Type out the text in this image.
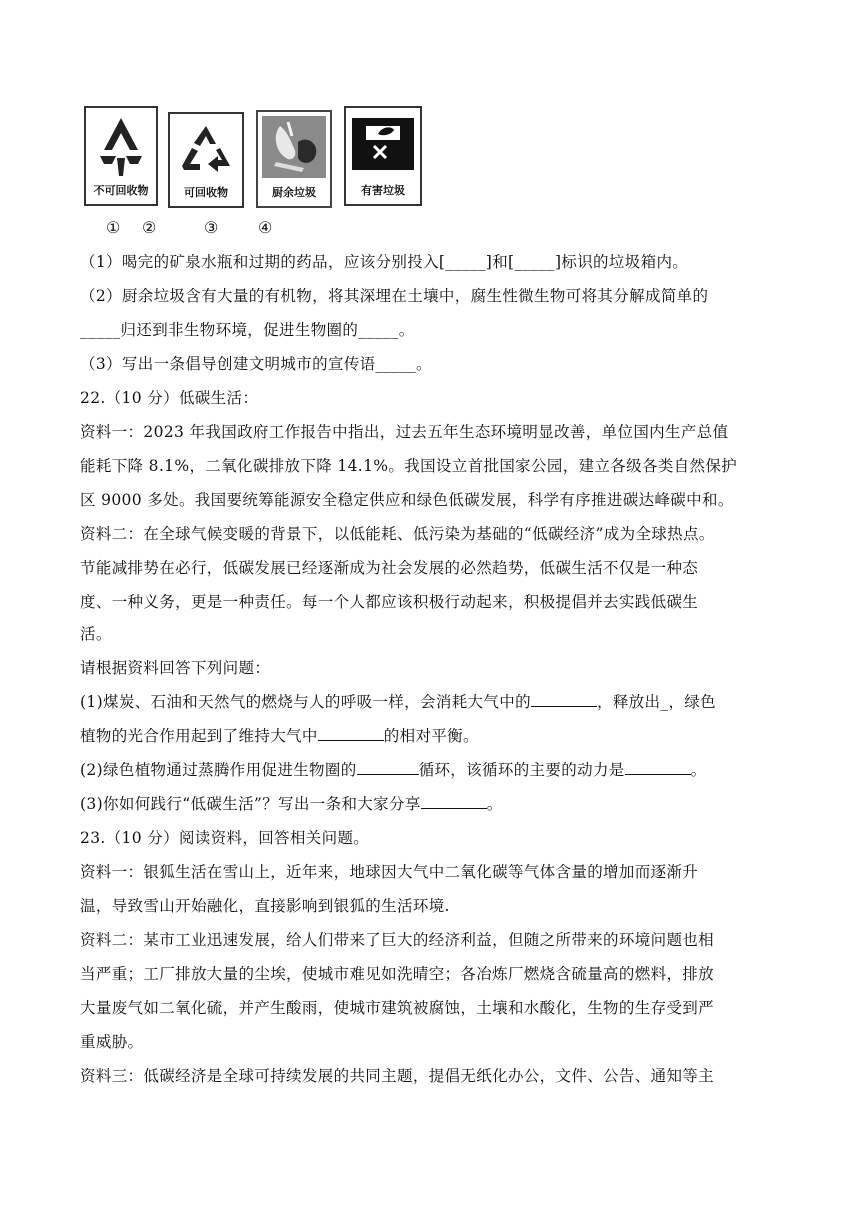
不可回收物	可回收物	厨余垃圾	有害垃圾
① ②	③ ④
（1）喝完的矿泉水瓶和过期的药品，应该分别投入[_____]和[_____]标识的垃圾箱内。
（2）厨余垃圾含有大量的有机物，将其深埋在土壤中，腐生性微生物可将其分解成简单的
_____归还到非生物环境，促进生物圈的_____。
（3）写出一条倡导创建文明城市的宣传语_____。
22.（10 分）低碳生活：
资料一：2023 年我国政府工作报告中指出，过去五年生态环境明显改善，单位国内生产总值
能耗下降 8.1%，二氧化碳排放下降 14.1%。我国设立首批国家公园，建立各级各类自然保护
区 9000 多处。我国要统筹能源安全稳定供应和绿色低碳发展，科学有序推进碳达峰碳中和。
资料二：在全球气候变暖的背景下，以低能耗、低污染为基础的“低碳经济”成为全球热点。
节能减排势在必行，低碳发展已经逐渐成为社会发展的必然趋势，低碳生活不仅是一种态
度、一种义务，更是一种责任。每一个人都应该积极行动起来，积极提倡并去实践低碳生
活。
请根据资料回答下列问题：
(1)煤炭、石油和天然气的燃烧与人的呼吸一样，会消耗大气中的	，释放出_，绿色
植物的光合作用起到了维持大气中	的相对平衡。
(2)绿色植物通过蒸腾作用促进生物圈的	循环，该循环的主要的动力是	。
(3)你如何践行“低碳生活”？写出一条和大家分享	。
23.（10 分）阅读资料，回答相关问题。
资料一：银狐生活在雪山上，近年来，地球因大气中二氧化碳等气体含量的增加而逐渐升
温，导致雪山开始融化，直接影响到银狐的生活环境.
资料二：某市工业迅速发展，给人们带来了巨大的经济利益，但随之所带来的环境问题也相
当严重；工厂排放大量的尘埃，使城市难见如洗晴空；各冶炼厂燃烧含硫量高的燃料，排放
大量废气如二氧化硫，并产生酸雨，使城市建筑被腐蚀，土壤和水酸化，生物的生存受到严
重威胁。
资料三：低碳经济是全球可持续发展的共同主题，提倡无纸化办公，文件、公告、通知等主
